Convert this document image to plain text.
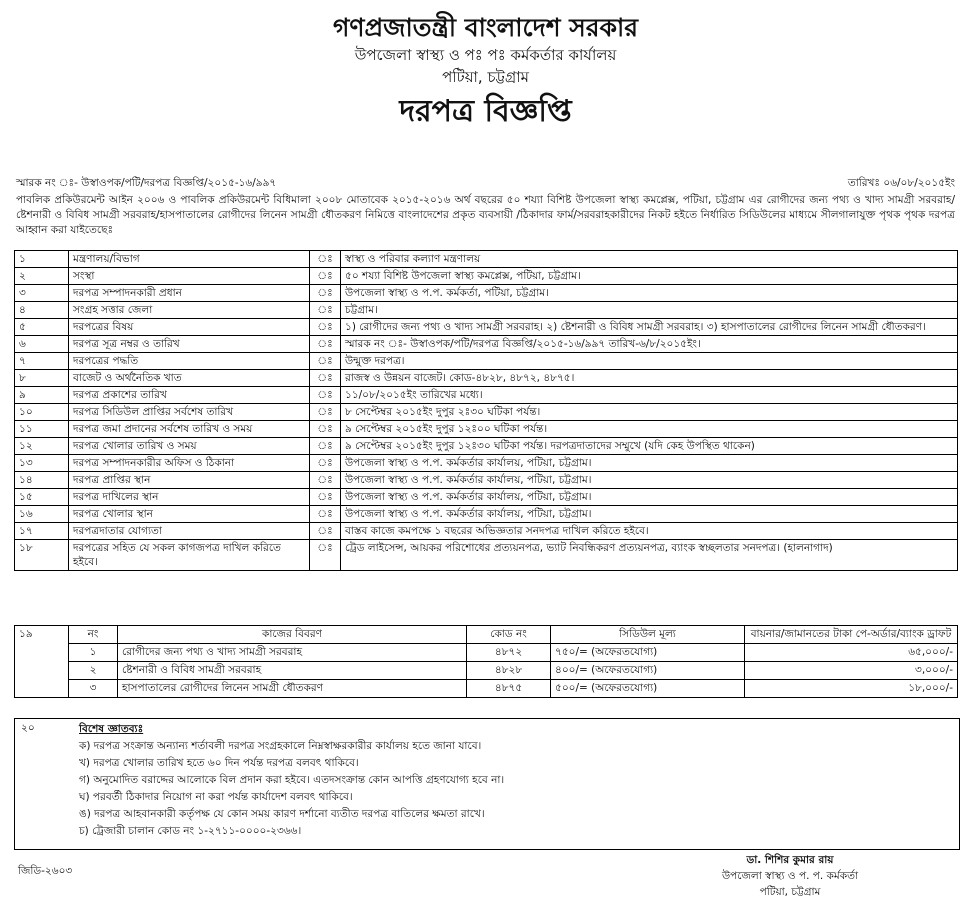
গণপ্রজাতন্ত্রী বাংলাদেশ সরকার
উপজেলা স্বাস্থ্য ও পঃ পঃ কর্মকর্তার কার্যালয়
পটিয়া, চট্টগ্রাম
দরপত্র বিজ্ঞপ্তি
স্মারক নং ঃ- উস্বাওপক/পটি/দরপত্র বিজ্ঞপ্তি/২০১৫-১৬/৯৯৭	তারিখঃ ০৬/০৮/২০১৫ইং
পাবলিক প্রকিউরমেন্ট আইন ২০০৬ ও পাবলিক প্রকিউরমেন্ট বিধিমালা ২০০৮ মোতাবেক ২০১৫-২০১৬ অর্থ বছরের ৫০ শয্যা বিশিষ্ট উপজেলা স্বাস্থ্য কমপ্লেক্স, পটিয়া, চট্টগ্রাম এর রোগীদের জন্য পথ্য ও খাদ্য সামগ্রী সরবরাহ/ষ্টেশনারী ও বিবিধ সামগ্রী সরবরাহ/হাসপাতালের রোগীদের লিনেন সামগ্রী ধৌতকরণ নিমিত্তে বাংলাদেশের প্রকৃত ব্যবসায়ী /ঠিকাদার ফার্ম/সরবরাহকারীদের নিকট হইতে নির্ধারিত সিডিউলের মাধ্যমে সীলগালাযুক্ত পৃথক পৃথক দরপত্র আহ্বান করা যাইতেছেঃ
১	মন্ত্রণালয়/বিভাগ	ঃ	স্বাস্থ্য ও পরিবার কল্যাণ মন্ত্রণালয়
২	সংস্থা	ঃ	৫০ শয্যা বিশিষ্ট উপজেলা স্বাস্থ্য কমপ্লেক্স, পটিয়া, চট্টগ্রাম।
৩	দরপত্র সম্পাদনকারী প্রধান	ঃ	উপজেলা স্বাস্থ্য ও প.প. কর্মকর্তা, পটিয়া, চট্টগ্রাম।
৪	সংগ্রহ সত্তার জেলা	ঃ	চট্টগ্রাম।
৫	দরপত্রের বিষয়	ঃ	১) রোগীদের জন্য পথ্য ও খাদ্য সামগ্রী সরবরাহ। ২) ষ্টেশনারী ও বিবিধ সামগ্রী সরবরাহ। ৩) হাসপাতালের রোগীদের লিনেন সামগ্রী ধৌতকরণ।
৬	দরপত্র সূত্র নম্বর ও তারিখ	ঃ	স্মারক নং ঃ- উস্বাওপক/পটি/দরপত্র বিজ্ঞপ্তি/২০১৫-১৬/৯৯৭ তারিখ-৬/৮/২০১৫ইং।
৭	দরপত্রের পদ্ধতি	ঃ	উন্মুক্ত দরপত্র।
৮	বাজেট ও অর্থনৈতিক খাত	ঃ	রাজস্ব ও উন্নয়ন বাজেট। কোড-৪৮২৮, ৪৮৭২, ৪৮৭৫।
৯	দরপত্র প্রকাশের তারিখ	ঃ	১১/০৮/২০১৫ইং তারিখের মধ্যে।
১০	দরপত্র সিডিউল প্রাপ্তির সর্বশেষ তারিখ	ঃ	৮ সেপ্টেম্বর ২০১৫ইং দুপুর ২ঃ৩০ ঘটিকা পর্যন্ত।
১১	দরপত্র জমা প্রদানের সর্বশেষ তারিখ ও সময়	ঃ	৯ সেপ্টেম্বর ২০১৫ইং দুপুর ১২ঃ০০ ঘটিকা পর্যন্ত।
১২	দরপত্র খোলার তারিখ ও সময়	ঃ	৯ সেপ্টেম্বর ২০১৫ইং দুপুর ১২ঃ৩০ ঘটিকা পর্যন্ত। দরপত্রদাতাদের সম্মুখে (যদি কেহ উপস্থিত থাকেন)
১৩	দরপত্র সম্পাদনকারীর অফিস ও ঠিকানা	ঃ	উপজেলা স্বাস্থ্য ও প.প. কর্মকর্তার কার্যালয়, পটিয়া, চট্টগ্রাম।
১৪	দরপত্র প্রাপ্তির স্থান	ঃ	উপজেলা স্বাস্থ্য ও প.প. কর্মকর্তার কার্যালয়, পটিয়া, চট্টগ্রাম।
১৫	দরপত্র দাখিলের স্থান	ঃ	উপজেলা স্বাস্থ্য ও প.প. কর্মকর্তার কার্যালয়, পটিয়া, চট্টগ্রাম।
১৬	দরপত্র খোলার স্থান	ঃ	উপজেলা স্বাস্থ্য ও প.প. কর্মকর্তার কার্যালয়, পটিয়া, চট্টগ্রাম।
১৭	দরপত্রদাতার যোগ্যতা	ঃ	বাস্তব কাজে কমপক্ষে ১ বছরের অভিজ্ঞতার সনদপত্র দাখিল করিতে হইবে।
১৮	দরপত্রের সহিত যে সকল কাগজপত্র দাখিল করিতে হইবে।	ঃ	ট্রেড লাইসেন্স, আয়কর পরিশোধের প্রত্যয়নপত্র, ভ্যাট নিবন্ধিকরণ প্রত্যয়নপত্র, ব্যাংক স্বচ্ছলতার সনদপত্র। (হালনাগাদ)
১৯	নং	কাজের বিবরণ	কোড নং	সিডিউল মূল্য	বায়নার/জামানতের টাকা পে-অর্ডার/ব্যাংক ড্রাফট
	১	রোগীদের জন্য পথ্য ও খাদ্য সামগ্রী সরবরাহ	৪৮৭২	৭৫০/= (অফেরতযোগ্য)	৬৫,০০০/-
	২	ষ্টেশনারী ও বিবিধ সামগ্রী সরবরাহ	৪৮২৮	৪০০/= (অফেরতযোগ্য)	৩,০০০/-
	৩	হাসপাতালের রোগীদের লিনেন সামগ্রী ধৌতকরণ	৪৮৭৫	৫০০/= (অফেরতযোগ্য)	১৮,০০০/-
২০	বিশেষ জ্ঞাতব্যঃ
ক) দরপত্র সংক্রান্ত অন্যান্য শর্তাবলী দরপত্র সংগ্রহকালে নিম্নস্বাক্ষরকারীর কার্যালয় হতে জানা যাবে।
খ) দরপত্র খোলার তারিখ হতে ৬০ দিন পর্যন্ত দরপত্র বলবৎ থাকিবে।
গ) অনুমোদিত বরাদ্দের আলোকে বিল প্রদান করা হইবে। এতদসংক্রান্ত কোন আপত্তি গ্রহণযোগ্য হবে না।
ঘ) পরবর্তী ঠিকাদার নিয়োগ না করা পর্যন্ত কার্যাদেশ বলবৎ থাকিবে।
ঙ) দরপত্র আহবানকারী কর্তৃপক্ষ যে কোন সময় কারণ দর্শানো ব্যতীত দরপত্র বাতিলের ক্ষমতা রাখে।
চ) ট্রেজারী চালান কোড নং ১-২৭১১-০০০০-২৩৬৬।
জিডি-২৬০৩
ডা. শিশির কুমার রায়
উপজেলা স্বাস্থ্য ও প. প. কর্মকর্তা
পটিয়া, চট্টগ্রাম
